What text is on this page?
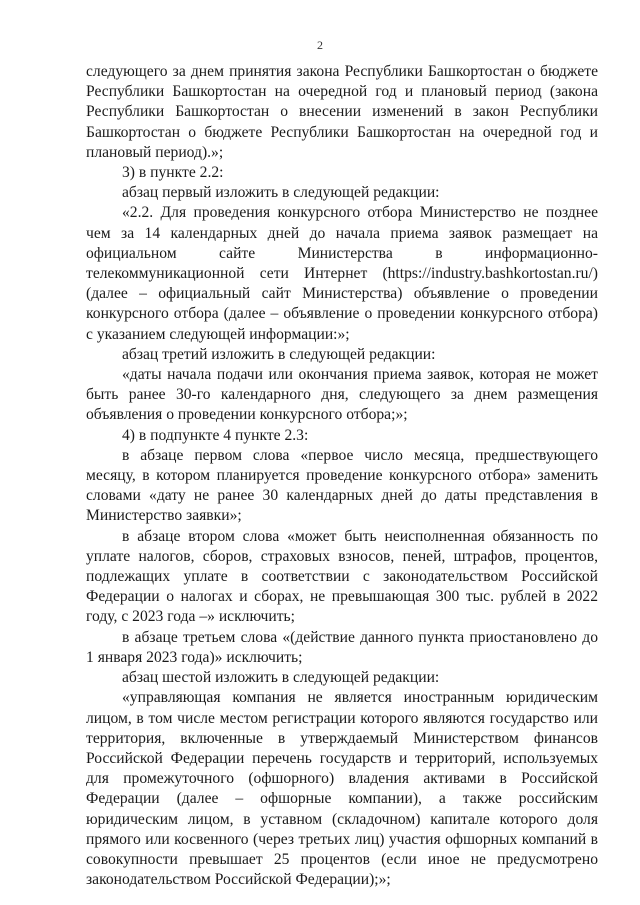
2

следующего за днем принятия закона Республики Башкортостан о бюджете Республики Башкортостан на очередной год и плановый период (закона Республики Башкортостан о внесении изменений в закон Республики Башкортостан о бюджете Республики Башкортостан на очередной год и плановый период).»;

3) в пункте 2.2:

абзац первый изложить в следующей редакции:

«2.2. Для проведения конкурсного отбора Министерство не позднее чем за 14 календарных дней до начала приема заявок размещает на официальном сайте Министерства в информационно-телекоммуникационной сети Интернет (https://industry.bashkortostan.ru/) (далее – официальный сайт Министерства) объявление о проведении конкурсного отбора (далее – объявление о проведении конкурсного отбора) с указанием следующей информации:»;

абзац третий изложить в следующей редакции:

«даты начала подачи или окончания приема заявок, которая не может быть ранее 30-го календарного дня, следующего за днем размещения объявления о проведении конкурсного отбора;»;

4) в подпункте 4 пункте 2.3:

в абзаце первом слова «первое число месяца, предшествующего месяцу, в котором планируется проведение конкурсного отбора» заменить словами «дату не ранее 30 календарных дней до даты представления в Министерство заявки»;

в абзаце втором слова «может быть неисполненная обязанность по уплате налогов, сборов, страховых взносов, пеней, штрафов, процентов, подлежащих уплате в соответствии с законодательством Российской Федерации о налогах и сборах, не превышающая 300 тыс. рублей в 2022 году, с 2023 года –» исключить;

в абзаце третьем слова «(действие данного пункта приостановлено до 1 января 2023 года)» исключить;

абзац шестой изложить в следующей редакции:

«управляющая компания не является иностранным юридическим лицом, в том числе местом регистрации которого являются государство или территория, включенные в утверждаемый Министерством финансов Российской Федерации перечень государств и территорий, используемых для промежуточного (офшорного) владения активами в Российской Федерации (далее – офшорные компании), а также российским юридическим лицом, в уставном (складочном) капитале которого доля прямого или косвенного (через третьих лиц) участия офшорных компаний в совокупности превышает 25 процентов (если иное не предусмотрено законодательством Российской Федерации);»;
